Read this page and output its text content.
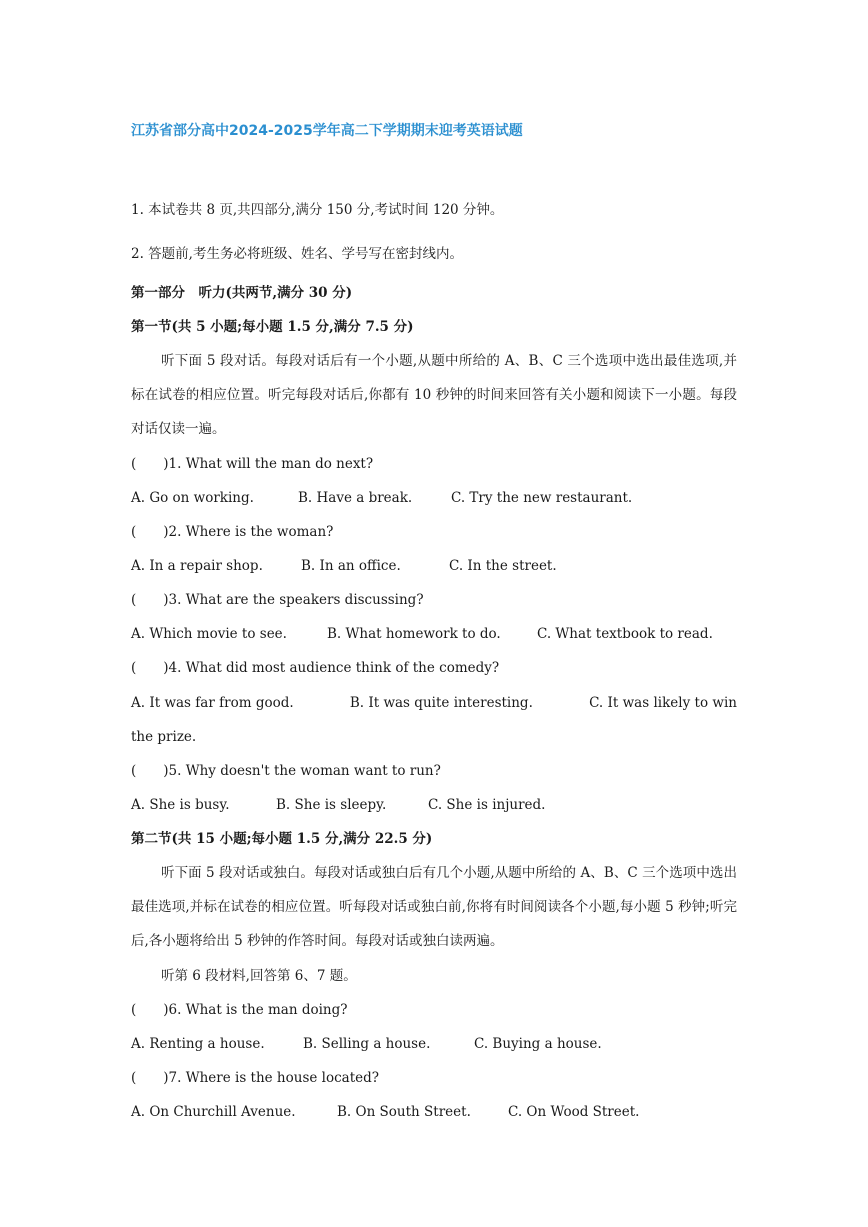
江苏省部分高中2024-2025学年高二下学期期末迎考英语试题
1. 本试卷共 8 页,共四部分,满分 150 分,考试时间 120 分钟。
2. 答题前,考生务必将班级、姓名、学号写在密封线内。
第一部分　听力(共两节,满分 30 分)
第一节(共 5 小题;每小题 1.5 分,满分 7.5 分)
听下面 5 段对话。每段对话后有一个小题,从题中所给的 A、B、C 三个选项中选出最佳选项,并标在试卷的相应位置。听完每段对话后,你都有 10 秒钟的时间来回答有关小题和阅读下一小题。每段对话仅读一遍。
(　　)1. What will the man do next?
A. Go on working.	B. Have a break.	C. Try the new restaurant.
(　　)2. Where is the woman?
A. In a repair shop.	B. In an office.	C. In the street.
(　　)3. What are the speakers discussing?
A. Which movie to see.	B. What homework to do.	C. What textbook to read.
(　　)4. What did most audience think of the comedy?
A. It was far from good.	B. It was quite interesting.	C. It was likely to win the prize.
(　　)5. Why doesn't the woman want to run?
A. She is busy.	B. She is sleepy.	C. She is injured.
第二节(共 15 小题;每小题 1.5 分,满分 22.5 分)
听下面 5 段对话或独白。每段对话或独白后有几个小题,从题中所给的 A、B、C 三个选项中选出最佳选项,并标在试卷的相应位置。听每段对话或独白前,你将有时间阅读各个小题,每小题 5 秒钟;听完后,各小题将给出 5 秒钟的作答时间。每段对话或独白读两遍。
听第 6 段材料,回答第 6、7 题。
(　　)6. What is the man doing?
A. Renting a house.	B. Selling a house.	C. Buying a house.
(　　)7. Where is the house located?
A. On Churchill Avenue.	B. On South Street.	C. On Wood Street.
